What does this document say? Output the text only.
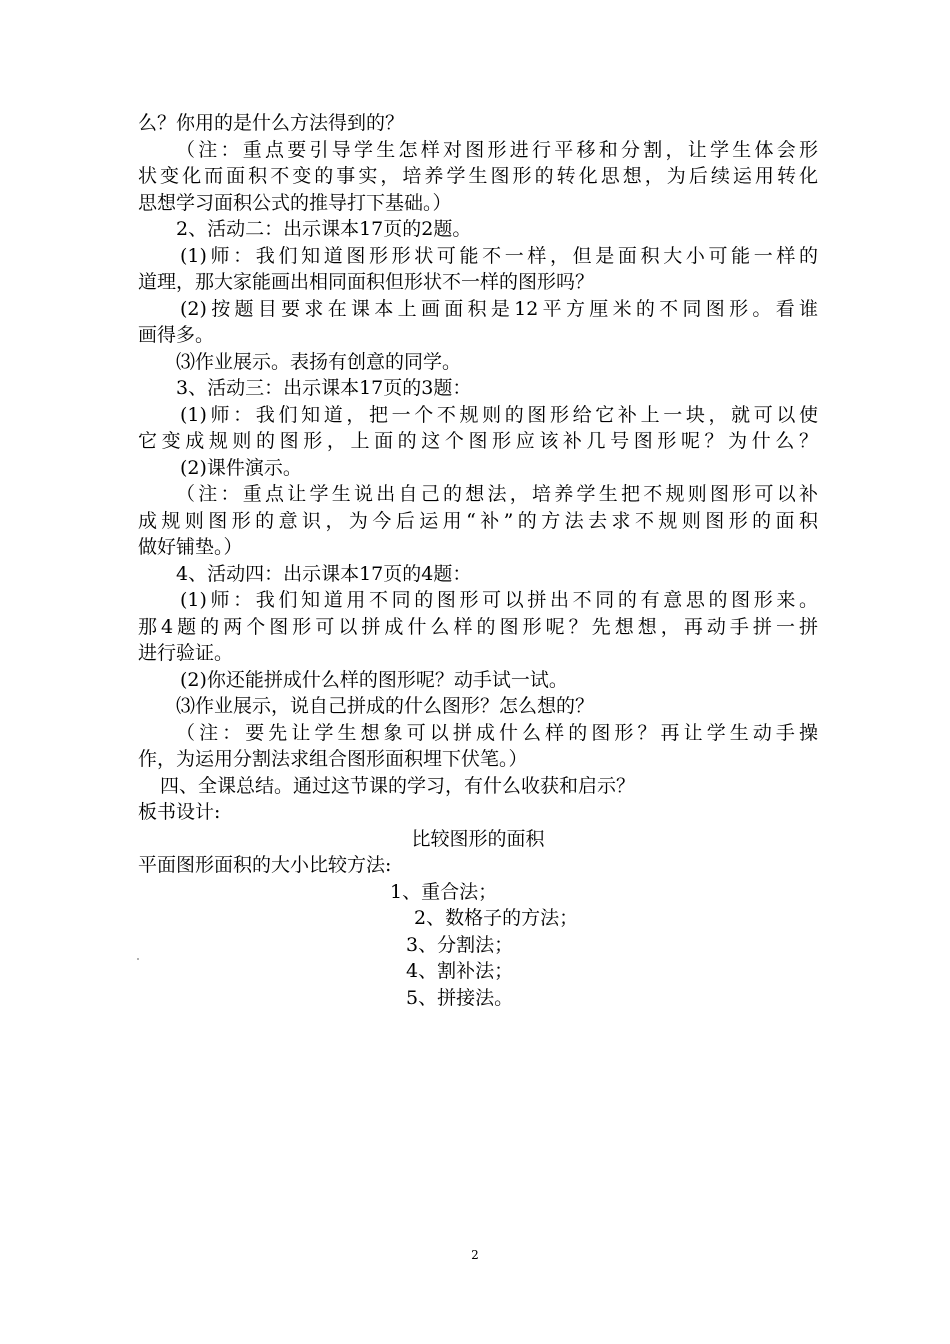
么？你用的是什么方法得到的？
（注：重点要引导学生怎样对图形进行平移和分割，让学生体会形
状变化而面积不变的事实，培养学生图形的转化思想，为后续运用转化
思想学习面积公式的推导打下基础。）
2、活动二：出示课本17页的2题。
(1)师：我们知道图形形状可能不一样，但是面积大小可能一样的
道理，那大家能画出相同面积但形状不一样的图形吗？
(2)按题目要求在课本上画面积是12平方厘米的不同图形。看谁
画得多。
⑶作业展示。表扬有创意的同学。
3、活动三：出示课本17页的3题：
(1)师：我们知道，把一个不规则的图形给它补上一块，就可以使
它变成规则的图形，上面的这个图形应该补几号图形呢？为什么？
(2)课件演示。
（注：重点让学生说出自己的想法，培养学生把不规则图形可以补
成规则图形的意识，为今后运用“补”的方法去求不规则图形的面积
做好铺垫。）
4、活动四：出示课本17页的4题：
(1)师：我们知道用不同的图形可以拼出不同的有意思的图形来。
那4题的两个图形可以拼成什么样的图形呢？先想想，再动手拼一拼
进行验证。
(2)你还能拼成什么样的图形呢？动手试一试。
⑶作业展示，说自己拼成的什么图形？怎么想的？
（注：要先让学生想象可以拼成什么样的图形？再让学生动手操
作，为运用分割法求组合图形面积埋下伏笔。）
四、全课总结。通过这节课的学习，有什么收获和启示？
板书设计:
比较图形的面积
平面图形面积的大小比较方法:
1、重合法；
2、数格子的方法；
3、分割法；
4、割补法；
5、拼接法。
2
